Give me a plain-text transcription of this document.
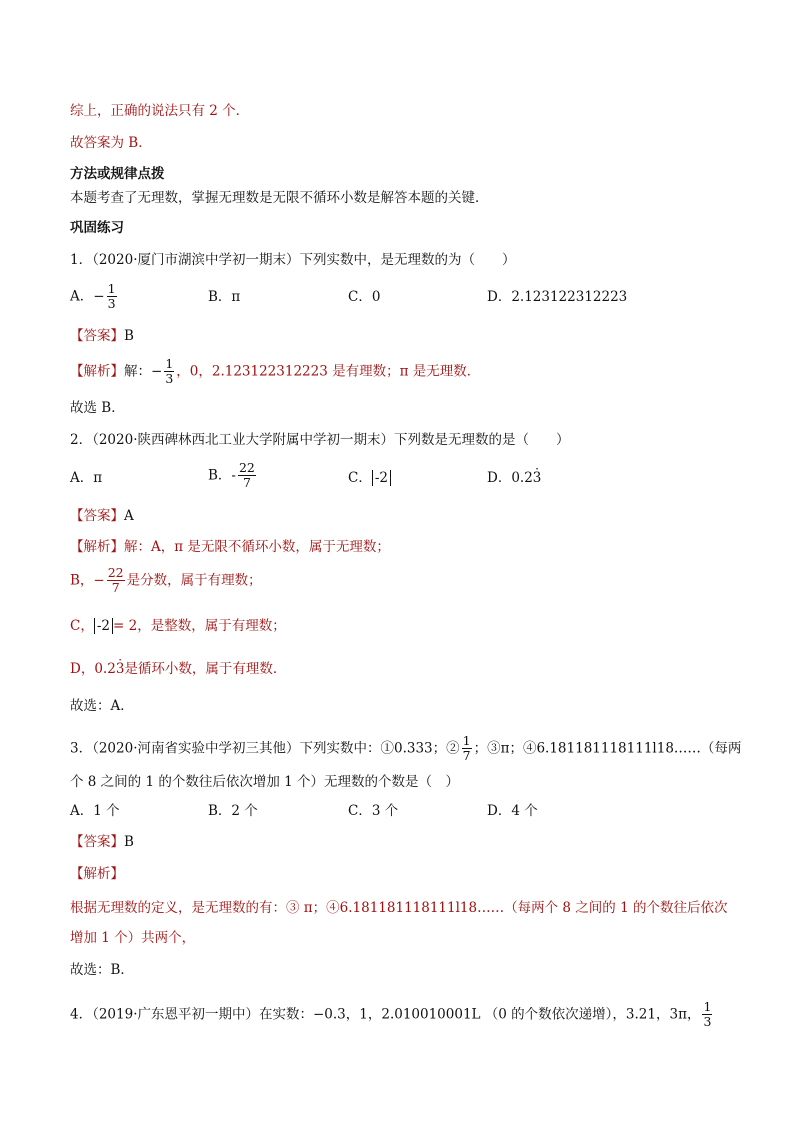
综上，正确的说法只有 2 个．
故答案为 B．
方法或规律点拨
本题考查了无理数，掌握无理数是无限不循环小数是解答本题的关键．
巩固练习
1．（2020·厦门市湖滨中学初一期末）下列实数中，是无理数的为（　　）
A．− $\frac{1}{3}$	B．π	C．0	D．2.123122312223
【答案】B
【解析】解：− $\frac{1}{3}$ ，0，2.123122312223 是有理数；π 是无理数．
故选 B．
2．（2020·陕西碑林西北工业大学附属中学初一期末）下列数是无理数的是（　　）
A．π	B．- $\frac{22}{7}$	C． -2	D．0.23 ·
【答案】A
【解析】解：A，π 是无限不循环小数，属于无理数；
B，− $\frac{22}{7}$ 是分数，属于有理数；
C， -2 = 2，是整数，属于有理数；
D，0.23 ·是循环小数，属于有理数．
故选：A．
3．（2020·河南省实验中学初三其他）下列实数中：①0.333；② $\frac{1}{7}$ ；③π；④6.181181118111l18……（每两
个 8 之间的 1 的个数往后依次增加 1 个）无理数的个数是（　）
A．1 个	B．2 个	C．3 个	D．4 个
【答案】B
【解析】
根据无理数的定义，是无理数的有：③ π；④6.181181118111l18……（每两个 8 之间的 1 的个数往后依次
增加 1 个）共两个，
故选：B．
4．（2019·广东恩平初一期中）在实数：−0.3，1，2.010010001L （0 的个数依次递增），3.21，3π， $\frac{1}{3}$
